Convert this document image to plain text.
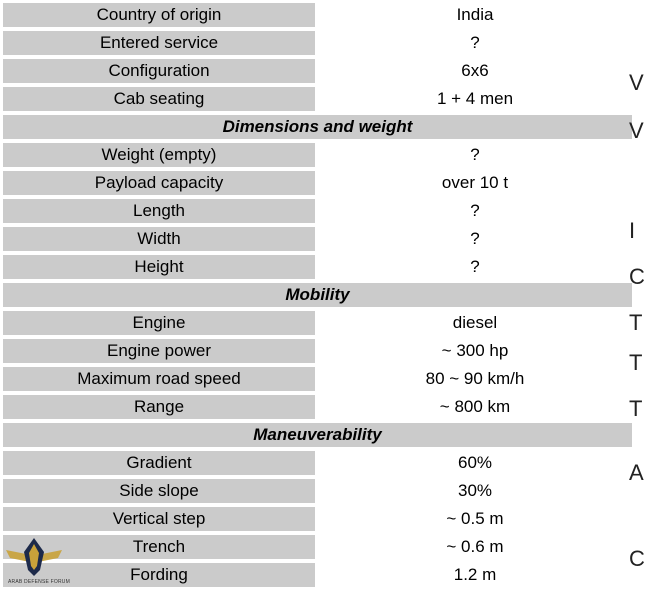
Country of origin		India
Entered service		?
Configuration		6x6
Cab seating		1 + 4 men
Dimensions and weight		
Weight (empty)		?
Payload capacity		over 10 t
Length		?
Width		?
Height		?
Mobility		
Engine		diesel
Engine power		~ 300 hp
Maximum road speed		80 ~ 90 km/h
Range		~ 800 km
Maneuverability		
Gradient		60%
Side slope		30%
Vertical step		~ 0.5 m
Trench		~ 0.6 m
Fording		1.2 m
V
V
I
C
T
T
T
A
C
ARAB DEFENSE FORUM
